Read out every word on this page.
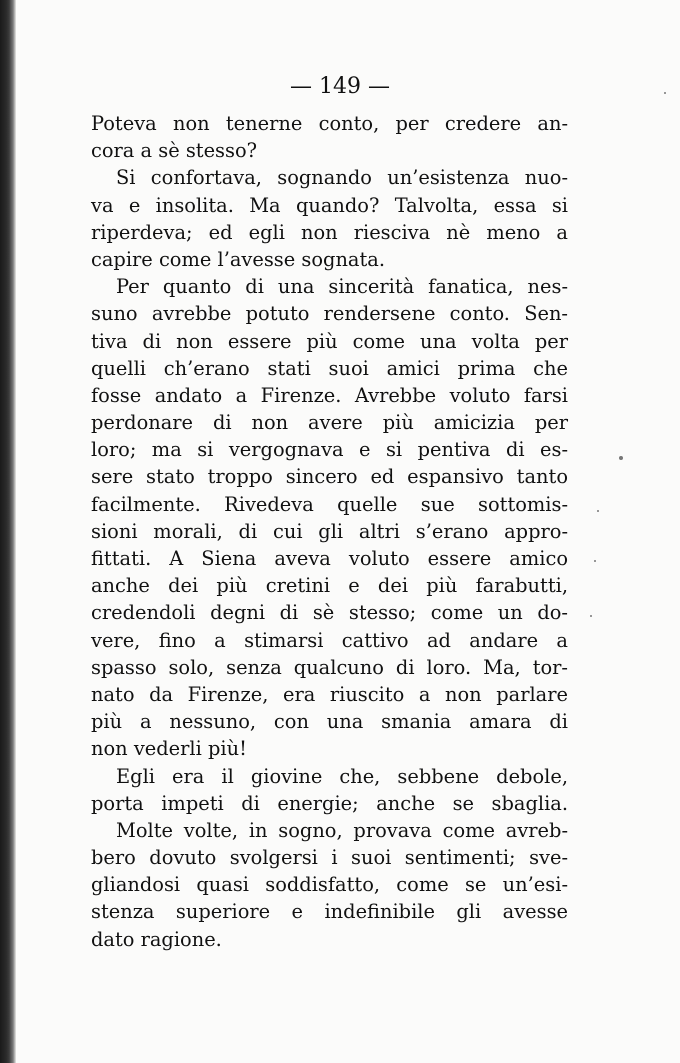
— 149 —
Poteva non tenerne conto, per credere an-
cora a sè stesso?
Si confortava, sognando un’esistenza nuo-
va e insolita. Ma quando? Talvolta, essa si
riperdeva; ed egli non riesciva nè meno a
capire come l’avesse sognata.
Per quanto di una sincerità fanatica, nes-
suno avrebbe potuto rendersene conto. Sen-
tiva di non essere più come una volta per
quelli ch’erano stati suoi amici prima che
fosse andato a Firenze. Avrebbe voluto farsi
perdonare di non avere più amicizia per
loro; ma si vergognava e si pentiva di es-
sere stato troppo sincero ed espansivo tanto
facilmente. Rivedeva quelle sue sottomis-
sioni morali, di cui gli altri s’erano appro-
fittati. A Siena aveva voluto essere amico
anche dei più cretini e dei più farabutti,
credendoli degni di sè stesso; come un do-
vere, fino a stimarsi cattivo ad andare a
spasso solo, senza qualcuno di loro. Ma, tor-
nato da Firenze, era riuscito a non parlare
più a nessuno, con una smania amara di
non vederli più!
Egli era il giovine che, sebbene debole,
porta impeti di energie; anche se sbaglia.
Molte volte, in sogno, provava come avreb-
bero dovuto svolgersi i suoi sentimenti; sve-
gliandosi quasi soddisfatto, come se un’esi-
stenza superiore e indefinibile gli avesse
dato ragione.
